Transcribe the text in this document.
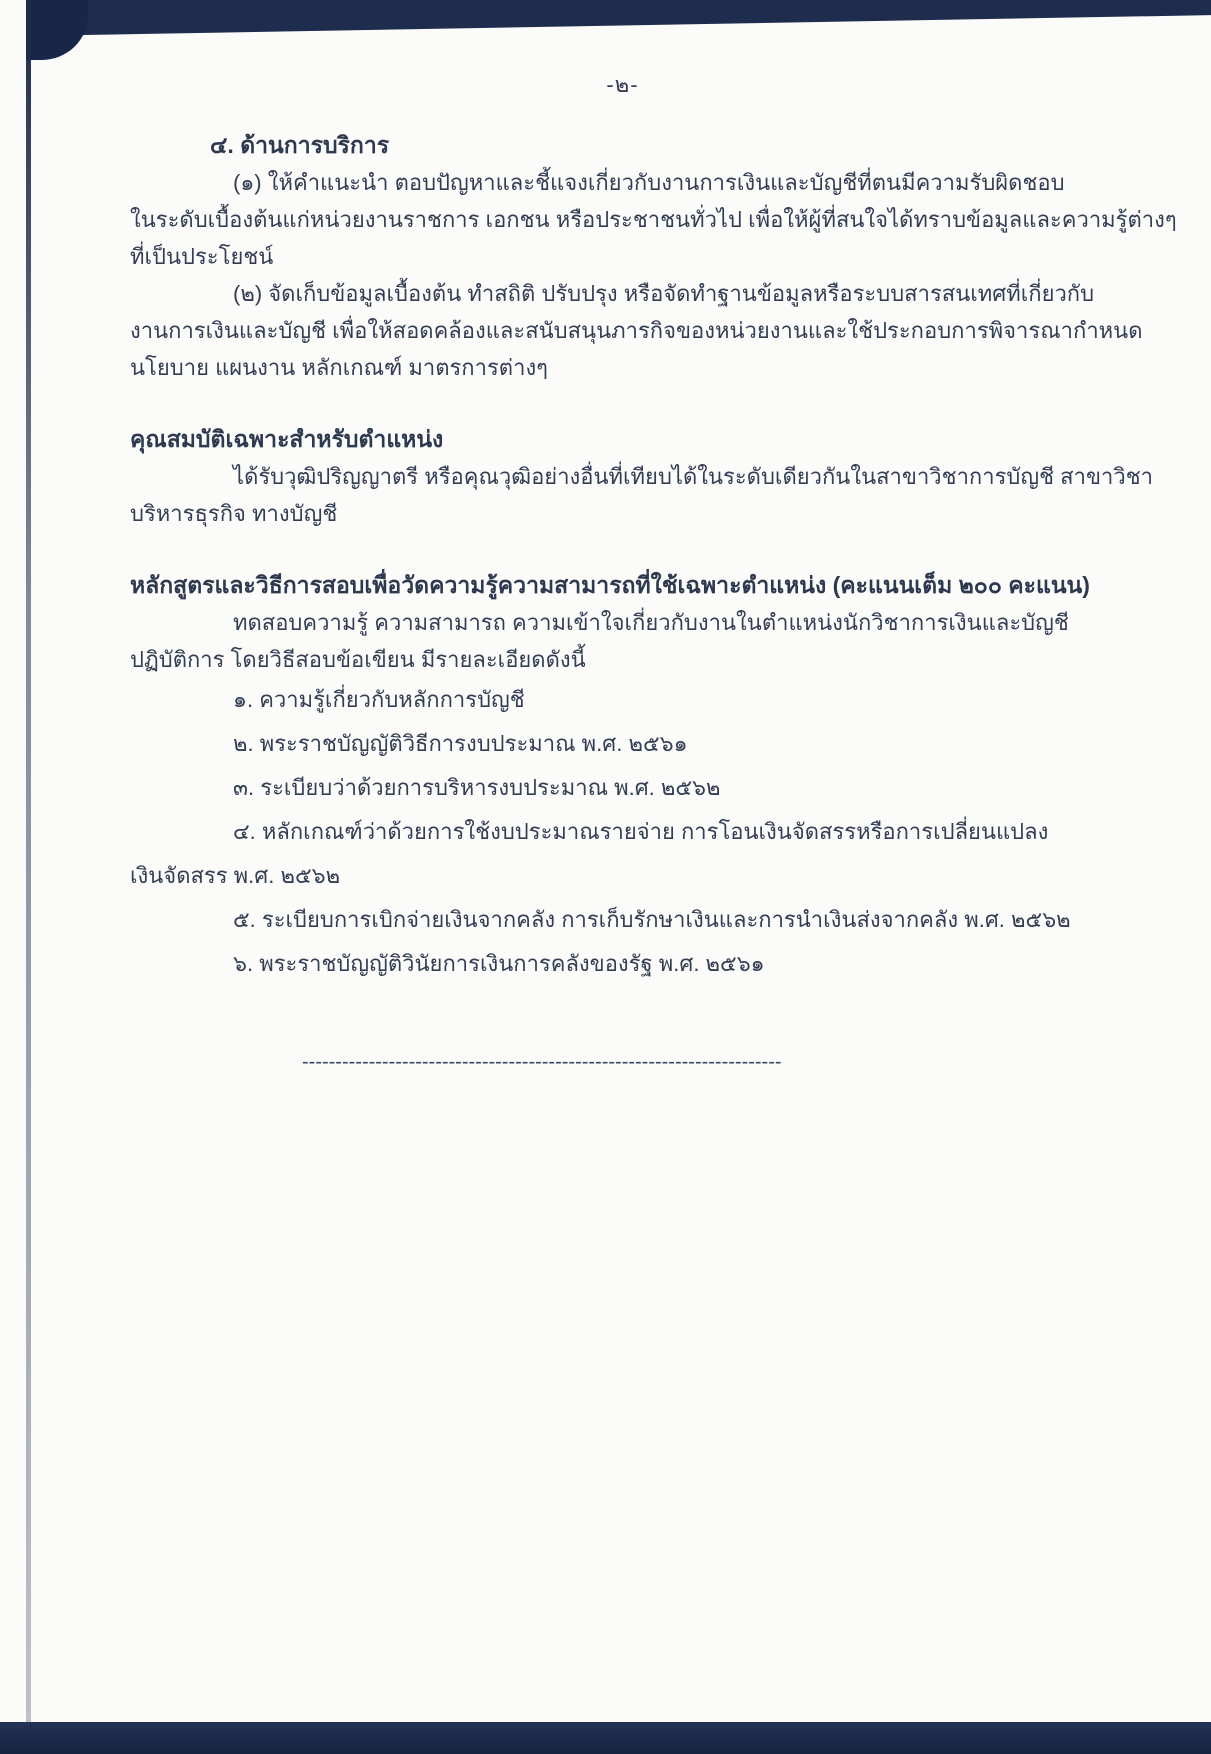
-๒-
๔. ด้านการบริการ
(๑) ให้คำแนะนำ ตอบปัญหาและชี้แจงเกี่ยวกับงานการเงินและบัญชีที่ตนมีความรับผิดชอบ
ในระดับเบื้องต้นแก่หน่วยงานราชการ เอกชน หรือประชาชนทั่วไป เพื่อให้ผู้ที่สนใจได้ทราบข้อมูลและความรู้ต่างๆ
ที่เป็นประโยชน์
(๒) จัดเก็บข้อมูลเบื้องต้น ทำสถิติ ปรับปรุง หรือจัดทำฐานข้อมูลหรือระบบสารสนเทศที่เกี่ยวกับ
งานการเงินและบัญชี เพื่อให้สอดคล้องและสนับสนุนภารกิจของหน่วยงานและใช้ประกอบการพิจารณากำหนด
นโยบาย แผนงาน หลักเกณฑ์ มาตรการต่างๆ
คุณสมบัติเฉพาะสำหรับตำแหน่ง
ได้รับวุฒิปริญญาตรี หรือคุณวุฒิอย่างอื่นที่เทียบได้ในระดับเดียวกันในสาขาวิชาการบัญชี สาขาวิชา
บริหารธุรกิจ ทางบัญชี
หลักสูตรและวิธีการสอบเพื่อวัดความรู้ความสามารถที่ใช้เฉพาะตำแหน่ง (คะแนนเต็ม ๒๐๐ คะแนน)
ทดสอบความรู้ ความสามารถ ความเข้าใจเกี่ยวกับงานในตำแหน่งนักวิชาการเงินและบัญชี
ปฏิบัติการ โดยวิธีสอบข้อเขียน มีรายละเอียดดังนี้
๑. ความรู้เกี่ยวกับหลักการบัญชี
๒. พระราชบัญญัติวิธีการงบประมาณ พ.ศ. ๒๕๖๑
๓. ระเบียบว่าด้วยการบริหารงบประมาณ พ.ศ. ๒๕๖๒
๔. หลักเกณฑ์ว่าด้วยการใช้งบประมาณรายจ่าย การโอนเงินจัดสรรหรือการเปลี่ยนแปลง
เงินจัดสรร พ.ศ. ๒๕๖๒
๕. ระเบียบการเบิกจ่ายเงินจากคลัง การเก็บรักษาเงินและการนำเงินส่งจากคลัง พ.ศ. ๒๕๖๒
๖. พระราชบัญญัติวินัยการเงินการคลังของรัฐ พ.ศ. ๒๕๖๑
------------------------------------------------------------------------
